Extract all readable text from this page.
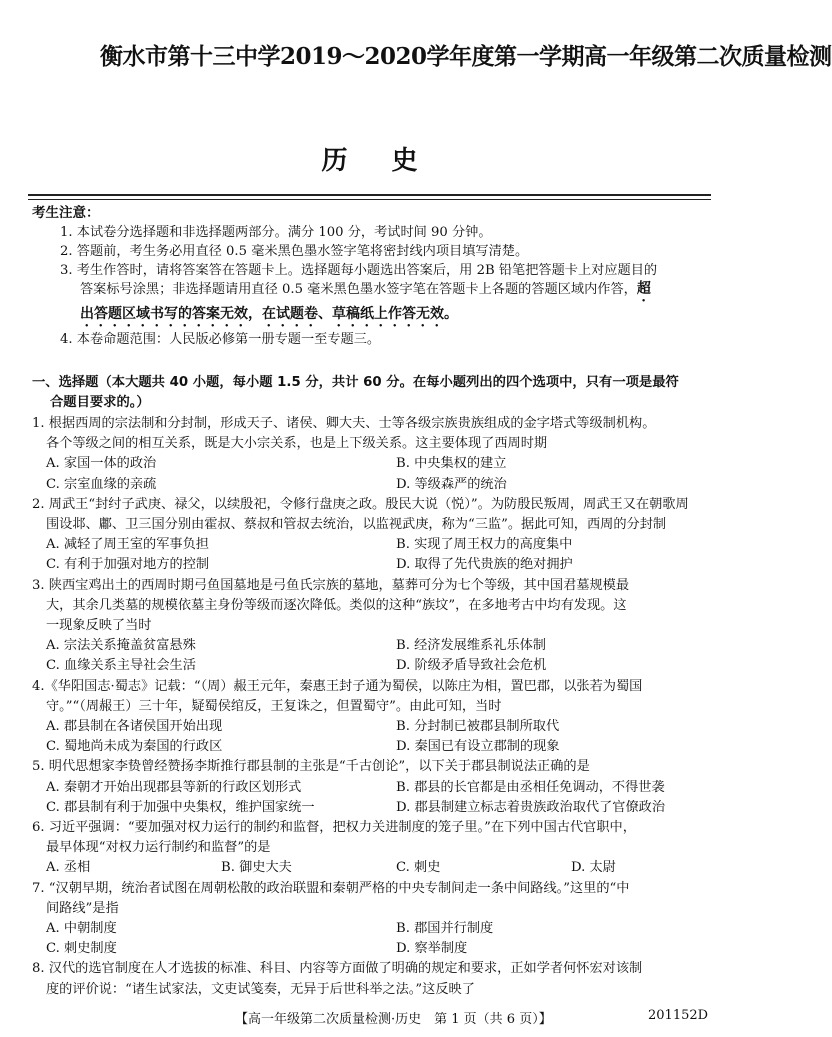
衡水市第十三中学2019～2020学年度第一学期高一年级第二次质量检测
历史
考生注意：
1. 本试卷分选择题和非选择题两部分。满分 100 分，考试时间 90 分钟。
2. 答题前，考生务必用直径 0.5 毫米黑色墨水签字笔将密封线内项目填写清楚。
3. 考生作答时，请将答案答在答题卡上。选择题每小题选出答案后，用 2B 铅笔把答题卡上对应题目的
答案标号涂黑；非选择题请用直径 0.5 毫米黑色墨水签字笔在答题卡上各题的答题区域内作答，超
出答题区域书写的答案无效，在试题卷、草稿纸上作答无效。
4. 本卷命题范围：人民版必修第一册专题一至专题三。
一、选择题（本大题共 40 小题，每小题 1.5 分，共计 60 分。在每小题列出的四个选项中，只有一项是最符
合题目要求的。）
1. 根据西周的宗法制和分封制，形成天子、诸侯、卿大夫、士等各级宗族贵族组成的金字塔式等级制机构。
各个等级之间的相互关系，既是大小宗关系，也是上下级关系。这主要体现了西周时期
A. 家国一体的政治	B. 中央集权的建立
C. 宗室血缘的亲疏	D. 等级森严的统治
2. 周武王“封纣子武庚、禄父，以续殷祀，令修行盘庚之政。殷民大说（悦）”。为防殷民叛周，周武王又在朝歌周
围设邶、鄘、卫三国分别由霍叔、蔡叔和管叔去统治，以监视武庚，称为“三监”。据此可知，西周的分封制
A. 减轻了周王室的军事负担	B. 实现了周王权力的高度集中
C. 有利于加强对地方的控制	D. 取得了先代贵族的绝对拥护
3. 陕西宝鸡出土的西周时期弓鱼国墓地是弓鱼氏宗族的墓地，墓葬可分为七个等级，其中国君墓规模最
大，其余几类墓的规模依墓主身份等级而逐次降低。类似的这种“族坟”，在多地考古中均有发现。这
一现象反映了当时
A. 宗法关系掩盖贫富悬殊	B. 经济发展维系礼乐体制
C. 血缘关系主导社会生活	D. 阶级矛盾导致社会危机
4.《华阳国志·蜀志》记载：“（周）赧王元年，秦惠王封子通为蜀侯，以陈庄为相，置巴郡，以张若为蜀国
守。”“（周赧王）三十年，疑蜀侯绾反，王复诛之，但置蜀守”。由此可知，当时
A. 郡县制在各诸侯国开始出现	B. 分封制已被郡县制所取代
C. 蜀地尚未成为秦国的行政区	D. 秦国已有设立郡制的现象
5. 明代思想家李贽曾经赞扬李斯推行郡县制的主张是“千古创论”，以下关于郡县制说法正确的是
A. 秦朝才开始出现郡县等新的行政区划形式	B. 郡县的长官都是由丞相任免调动，不得世袭
C. 郡县制有利于加强中央集权，维护国家统一	D. 郡县制建立标志着贵族政治取代了官僚政治
6. 习近平强调：“要加强对权力运行的制约和监督，把权力关进制度的笼子里。”在下列中国古代官职中，
最早体现“对权力运行制约和监督”的是
A. 丞相	B. 御史大夫	C. 刺史	D. 太尉
7. “汉朝早期，统治者试图在周朝松散的政治联盟和秦朝严格的中央专制间走一条中间路线。”这里的“中
间路线”是指
A. 中朝制度	B. 郡国并行制度
C. 刺史制度	D. 察举制度
8. 汉代的选官制度在人才选拔的标准、科目、内容等方面做了明确的规定和要求，正如学者何怀宏对该制
度的评价说：“诸生试家法，文吏试笺奏，无异于后世科举之法。”这反映了
【高一年级第二次质量检测·历史　第 1 页（共 6 页）】	201152D
